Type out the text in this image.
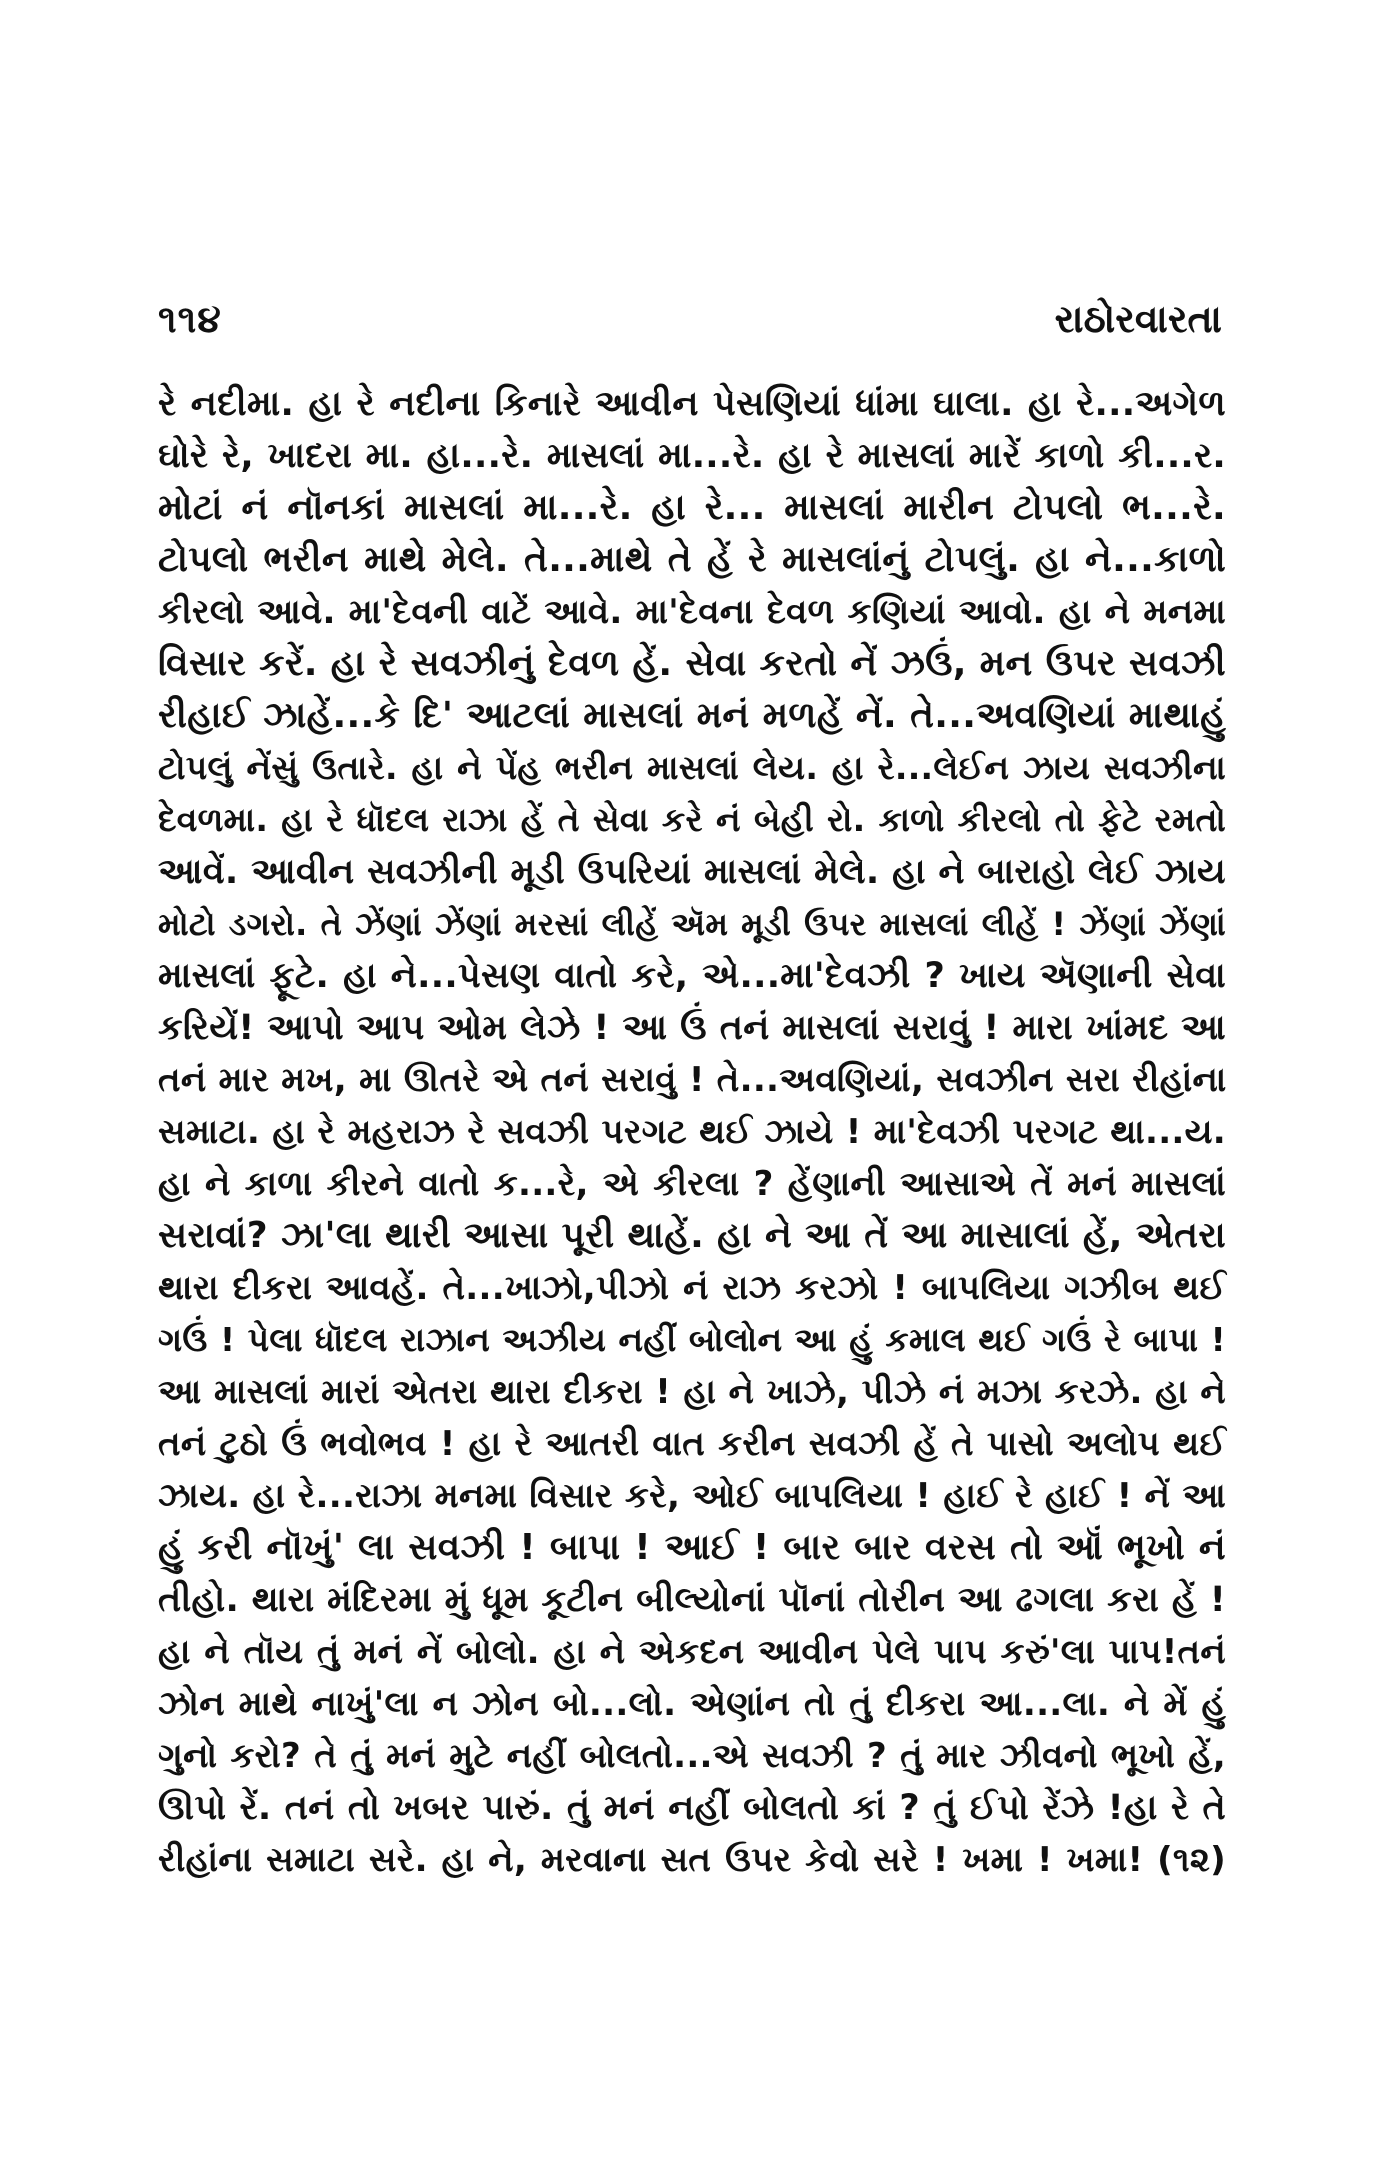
૧૧૪	રાઠોરવારતા
રે નદીમા. હા રે નદીના કિનારે આવીન પેસણિયાં ધાંમા ઘાલા. હા રે...અગેળ
ઘોરે રે, ખાદરા મા. હા...રે. માસલાં મા...રે. હા રે માસલાં મારેં કાળો કી...ર.
મોટાં નં નૉનકાં માસલાં મા...રે. હા રે... માસલાં મારીન ટોપલો ભ...રે.
ટોપલો ભરીન માથે મેલે. તે...માથે તે હેં રે માસલાંનું ટોપલું. હા ને...કાળો
કીરલો આવે. મા'દેવની વાટેં આવે. મા'દેવના દેવળ કણિયાં આવો. હા ને મનમા
વિસાર કરેં. હા રે સવઝીનું દેવળ હેં. સેવા કરતો નેં ઝઉં, મન ઉપર સવઝી
રીહાઈ ઝાહેં...કે દિ' આટલાં માસલાં મનં મળહેં નેં. તે...અવણિયાં માથાહું
ટોપલું નેંસું ઉતારે. હા ને પેંહ ભરીન માસલાં લેય. હા રે...લેઈન ઝાય સવઝીના
દેવળમા. હા રે ધૉદલ રાઝા હેં તે સેવા કરે નં બેહી રો. કાળો કીરલો તો ફેટે રમતો
આવેં. આવીન સવઝીની મૂડી ઉપરિયાં માસલાં મેલે. હા ને બારાહો લેઈ ઝાય
મોટો ડગરો. તે ઝેંણાં ઝેંણાં મરસાં લીહેં ઍમ મૂડી ઉપર માસલાં લીહેં ! ઝેંણાં ઝેંણાં
માસલાં ફૂટે. હા ને...પેસણ વાતો કરે, એ...મા'દેવઝી ? ખાય ઍણાની સેવા
કરિયેં! આપો આપ ઓમ લેઝે ! આ ઉં તનં માસલાં સરાવું ! મારા ખાંમદ આ
તનં માર મખ, મા ઊતરે એ તનં સરાવું ! તે...અવણિયાં, સવઝીન સરા રીહાંના
સમાટા. હા રે મહરાઝ રે સવઝી પરગટ થઈ ઝાયે ! મા'દેવઝી પરગટ થા...ય.
હા ને કાળા કીરને વાતો ક...રે, એ કીરલા ? હેંણાની આસાએ તેં મનં માસલાં
સરાવાં? ઝા'લા થારી આસા પૂરી થાહેં. હા ને આ તેં આ માસાલાં હેં, એતરા
થારા દીકરા આવહેં. તે...ખાઝો,પીઝો નં રાઝ કરઝો ! બાપલિયા ગઝીબ થઈ
ગઉં ! પેલા ધૉદલ રાઝાન અઝીય નહીં બોલોન આ હું કમાલ થઈ ગઉં રે બાપા !
આ માસલાં મારાં એતરા થારા દીકરા ! હા ને ખાઝે, પીઝે નં મઝા કરઝે. હા ને
તનં ટુઠો ઉં ભવોભવ ! હા રે આતરી વાત કરીન સવઝી હેં તે પાસો અલોપ થઈ
ઝાય. હા રે...રાઝા મનમા વિસાર કરે, ઓઈ બાપલિયા ! હાઈ રે હાઈ ! નેં આ
હું કરી નૉખું' લા સવઝી ! બાપા ! આઈ ! બાર બાર વરસ તો ઑં ભૂખો નં
તીહો. થારા મંદિરમા મું ધૂમ કૂટીન બીલ્યોનાં પૉનાં તોરીન આ ઢગલા કરા હેં !
હા ને તૉય તું મનં નેં બોલો. હા ને એકદન આવીન પેલે પાપ કરું'લા પાપ!તનં
ઝોન માથે નાખું'લા ન ઝોન બો...લો. એણાંન તો તું દીકરા આ...લા. ને મેં હું
ગુનો કરો? તે તું મનં મુટે નહીં બોલતો...એ સવઝી ? તું માર ઝીવનો ભૂખો હેં,
ઊપો રેં. તનં તો ખબર પારું. તું મનં નહીં બોલતો કાં ? તું ઈપો રેંઝે !હા રે તે
રીહાંના સમાટા સરે. હા ને, મરવાના સત ઉપર કેવો સરે ! ખમા ! ખમા! (૧૨)
